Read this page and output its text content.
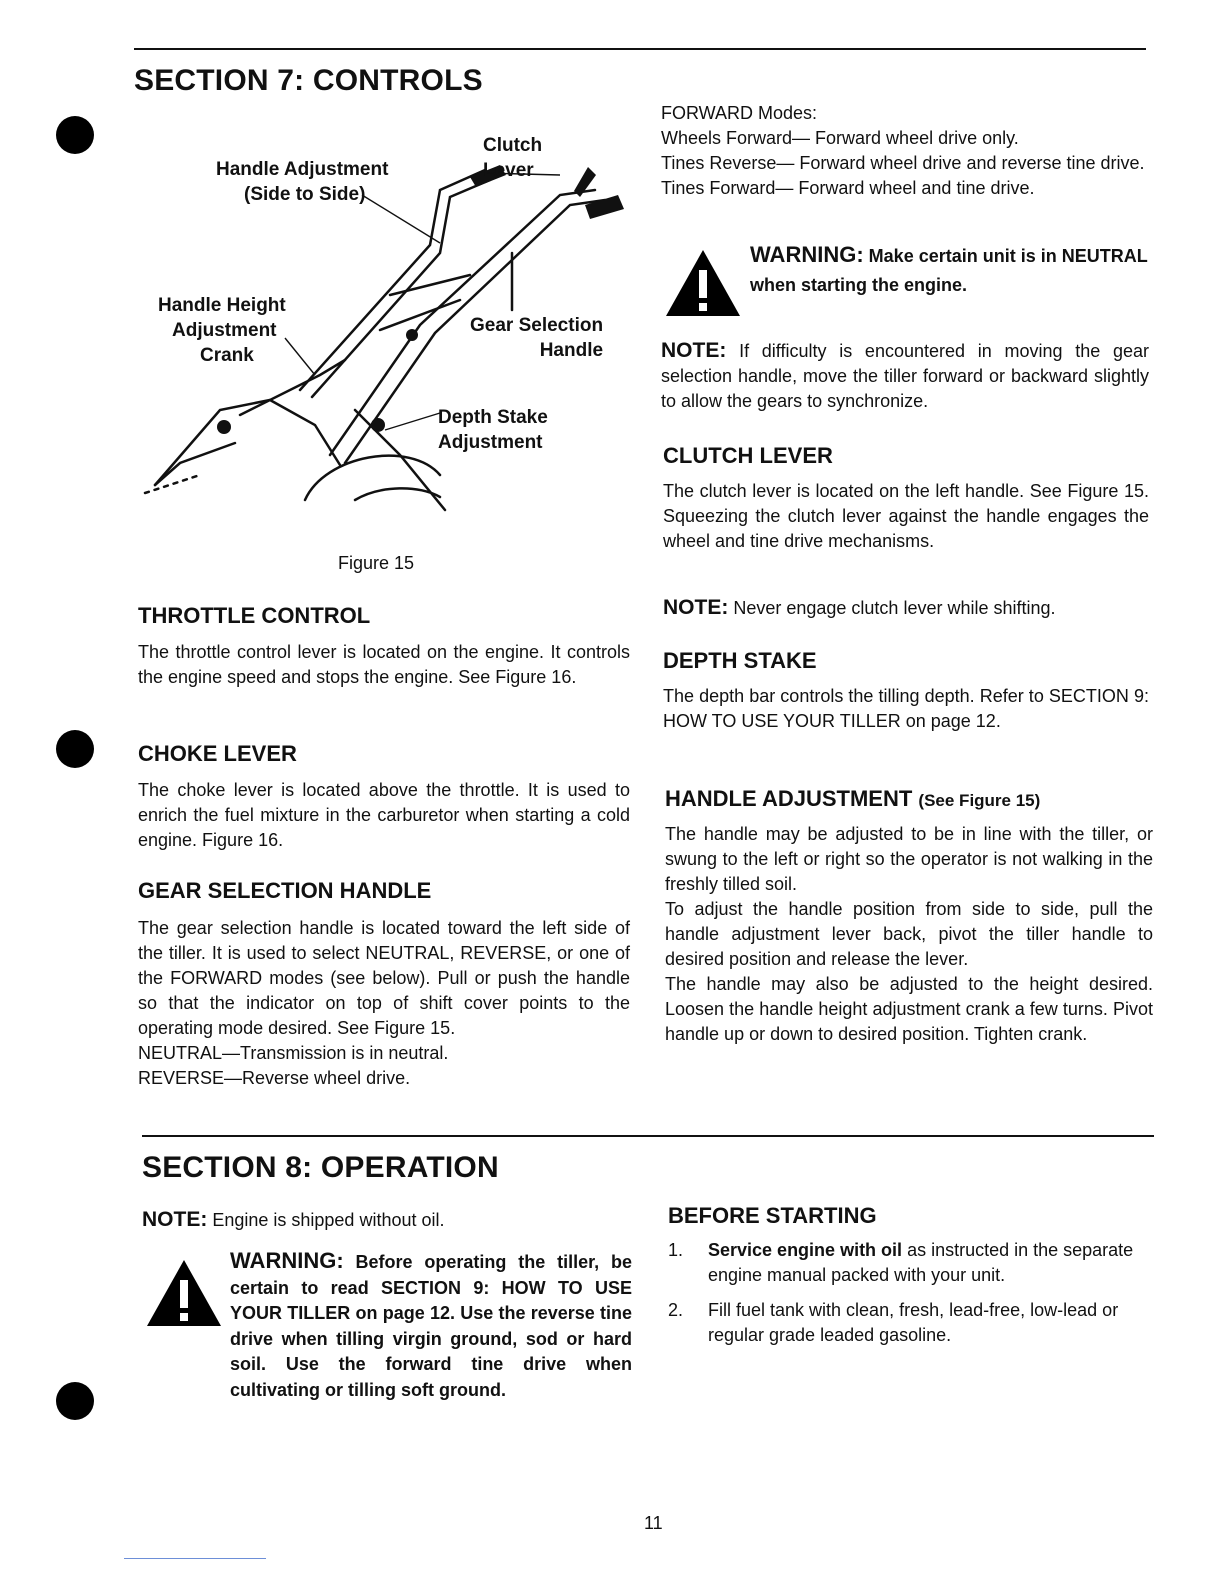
SECTION 7: CONTROLS
Handle Adjustment
(Side to Side)
Clutch
Lever
Handle Height
Adjustment
Crank
Gear Selection
Handle
Depth Stake
Adjustment
Figure 15
THROTTLE CONTROL
The throttle control lever is located on the engine. It controls the engine speed and stops the engine. See Figure 16.
CHOKE LEVER
The choke lever is located above the throttle. It is used to enrich the fuel mixture in the carburetor when starting a cold engine. Figure 16.
GEAR SELECTION HANDLE

The gear selection handle is located toward the left side of the tiller. It is used to select NEUTRAL, REVERSE, or one of the FORWARD modes (see below). Pull or push the handle so that the indicator on top of shift cover points to the operating mode desired. See Figure 15.

NEUTRAL—Transmission is in neutral.

REVERSE—Reverse wheel drive.

FORWARD Modes:

Wheels Forward— Forward wheel drive only.

Tines Reverse— Forward wheel drive and reverse tine drive.

Tines Forward— Forward wheel and tine drive.

WARNING: Make certain unit is in NEUTRAL when starting the engine.
NOTE: If difficulty is encountered in moving the gear selection handle, move the tiller forward or backward slightly to allow the gears to synchronize.
CLUTCH LEVER
The clutch lever is located on the left handle. See Figure 15. Squeezing the clutch lever against the handle engages the wheel and tine drive mechanisms.
NOTE: Never engage clutch lever while shifting.
DEPTH STAKE
The depth bar controls the tilling depth. Refer to SECTION 9: HOW TO USE YOUR TILLER on page 12.
HANDLE ADJUSTMENT (See Figure 15)

The handle may be adjusted to be in line with the tiller, or swung to the left or right so the operator is not walking in the freshly tilled soil.

To adjust the handle position from side to side, pull the handle adjustment lever back, pivot the tiller handle to desired position and release the lever.

The handle may also be adjusted to the height desired. Loosen the handle height adjustment crank a few turns. Pivot handle up or down to desired position. Tighten crank.

SECTION 8: OPERATION
NOTE: Engine is shipped without oil.
WARNING: Before operating the tiller, be certain to read SECTION 9: HOW TO USE YOUR TILLER on page 12. Use the reverse tine drive when tilling virgin ground, sod or hard soil. Use the forward tine drive when cultivating or tilling soft ground.
BEFORE STARTING
1. Service engine with oil as instructed in the separate engine manual packed with your unit.
2. Fill fuel tank with clean, fresh, lead-free, low-lead or regular grade leaded gasoline.
11
